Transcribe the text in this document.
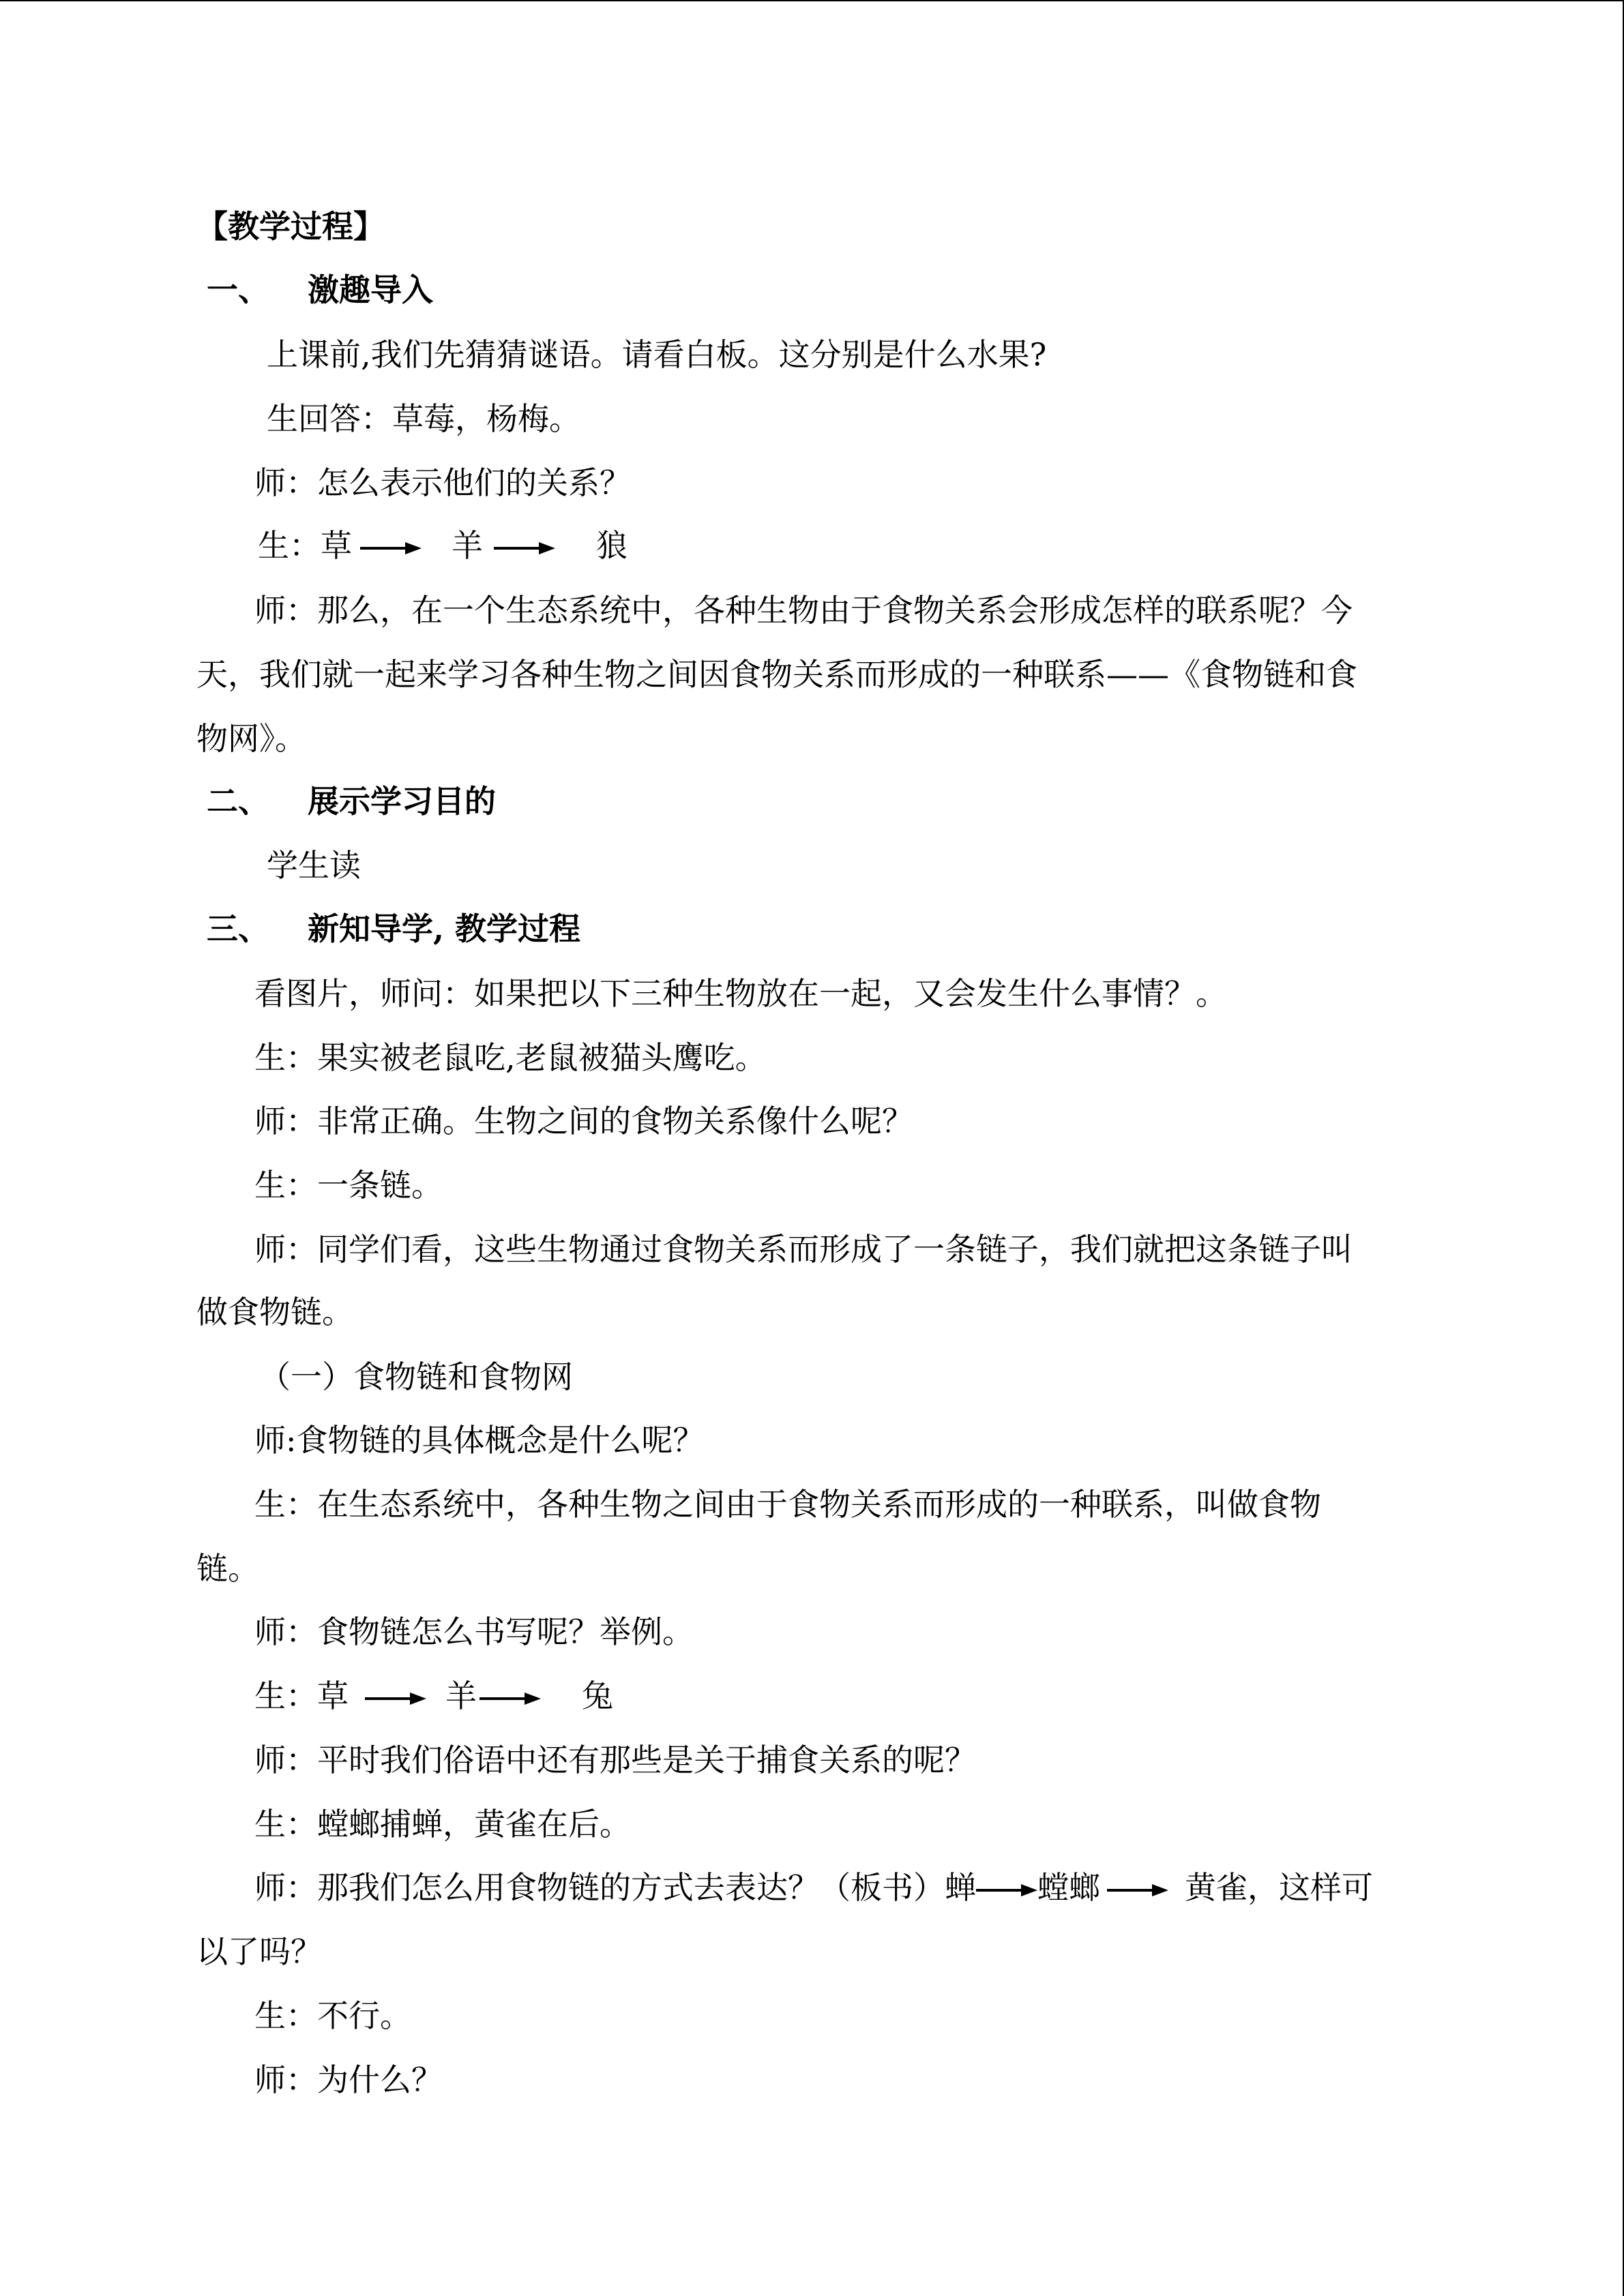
【教学过程】
一、 激趣导入
上课前,我们先猜猜谜语。请看白板。这分别是什么水果?
生回答：草莓，杨梅。
师：怎么表示他们的关系？
生：草	羊	狼
师：那么，在一个生态系统中，各种生物由于食物关系会形成怎样的联系呢？今
天，我们就一起来学习各种生物之间因食物关系而形成的一种联系——《食物链和食
物网》。
二、 展示学习目的
学生读
三、 新知导学, 教学过程
看图片，师问：如果把以下三种生物放在一起，又会发生什么事情？。
生：果实被老鼠吃,老鼠被猫头鹰吃。
师：非常正确。生物之间的食物关系像什么呢？
生：一条链。
师：同学们看，这些生物通过食物关系而形成了一条链子，我们就把这条链子叫
做食物链。
（一）食物链和食物网
师:食物链的具体概念是什么呢？
生：在生态系统中，各种生物之间由于食物关系而形成的一种联系，叫做食物
链。
师：食物链怎么书写呢？举例。
生：草	羊	兔
师：平时我们俗语中还有那些是关于捕食关系的呢？
生：螳螂捕蝉，黄雀在后。
师：那我们怎么用食物链的方式去表达？（板书）蝉 螳螂	黄雀，这样可
以了吗？
生：不行。
师：为什么？
